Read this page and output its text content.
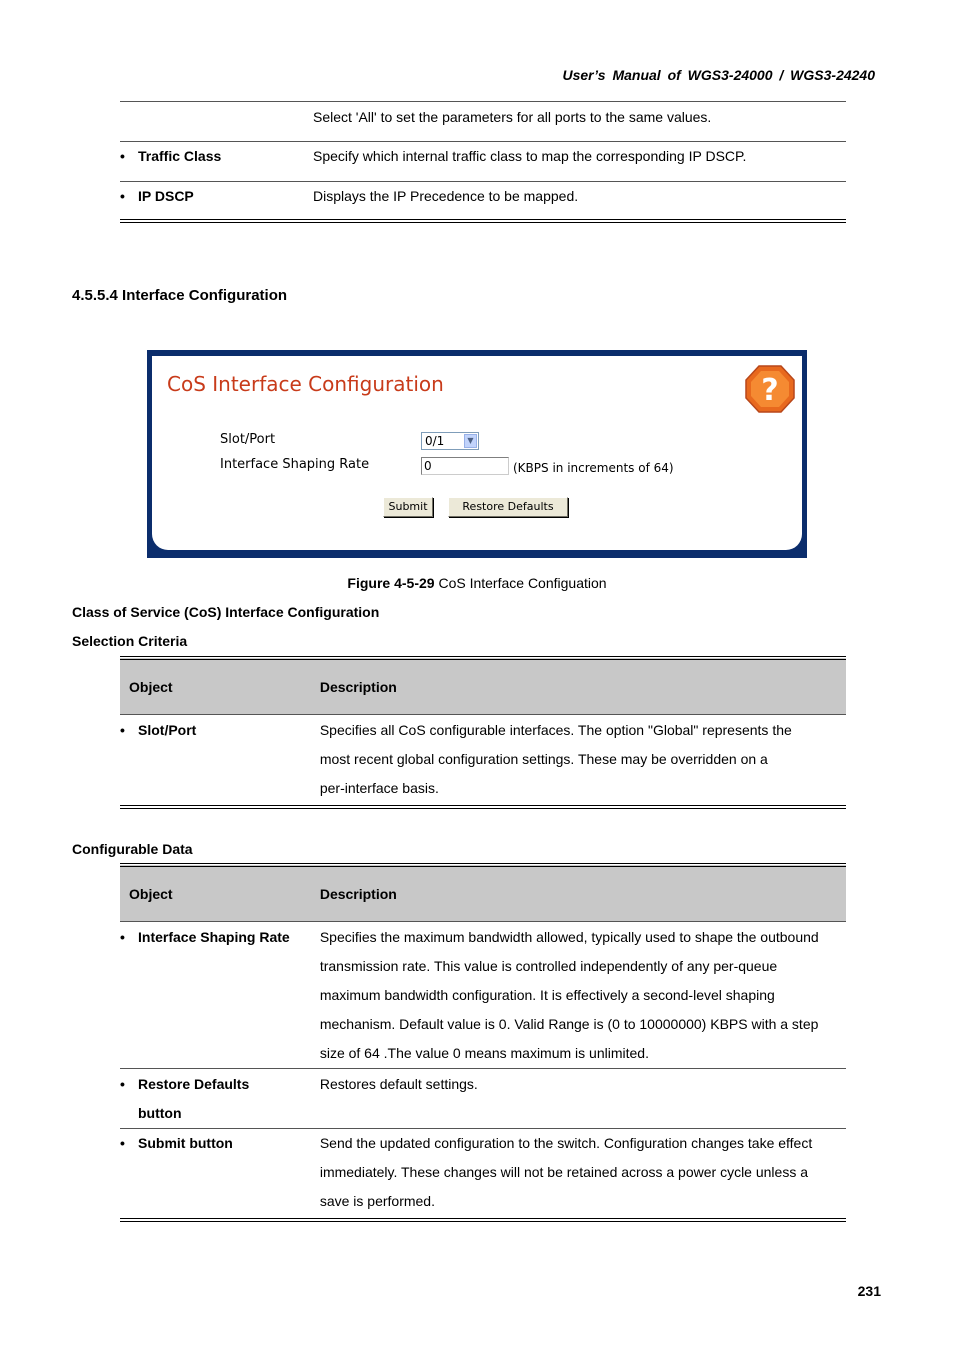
User’s Manual of WGS3-24000 / WGS3-24240
	Select 'All' to set the parameters for all ports to the same values.
• Traffic Class	Specify which internal traffic class to map the corresponding IP DSCP.
• IP DSCP	Displays the IP Precedence to be mapped.
4.5.5.4 Interface Configuration
CoS Interface Configuration	?
Slot/Port	0/1	▼
Interface Shaping Rate	0	(KBPS in increments of 64)
Submit	Restore Defaults
Figure 4-5-29 CoS Interface Configuation
Class of Service (CoS) Interface Configuration
Selection Criteria
Object	Description
• Slot/Port	Specifies all CoS configurable interfaces. The option "Global" represents the
most recent global configuration settings. These may be overridden on a
per-interface basis.
Configurable Data
Object	Description
• Interface Shaping Rate	Specifies the maximum bandwidth allowed, typically used to shape the outbound
transmission rate. This value is controlled independently of any per-queue
maximum bandwidth configuration. It is effectively a second-level shaping
mechanism. Default value is 0. Valid Range is (0 to 10000000) KBPS with a step
size of 64 .The value 0 means maximum is unlimited.

• Restore Defaults
button	Restores default settings.

• Submit button	Send the updated configuration to the switch. Configuration changes take effect
immediately. These changes will not be retained across a power cycle unless a
save is performed.
231
